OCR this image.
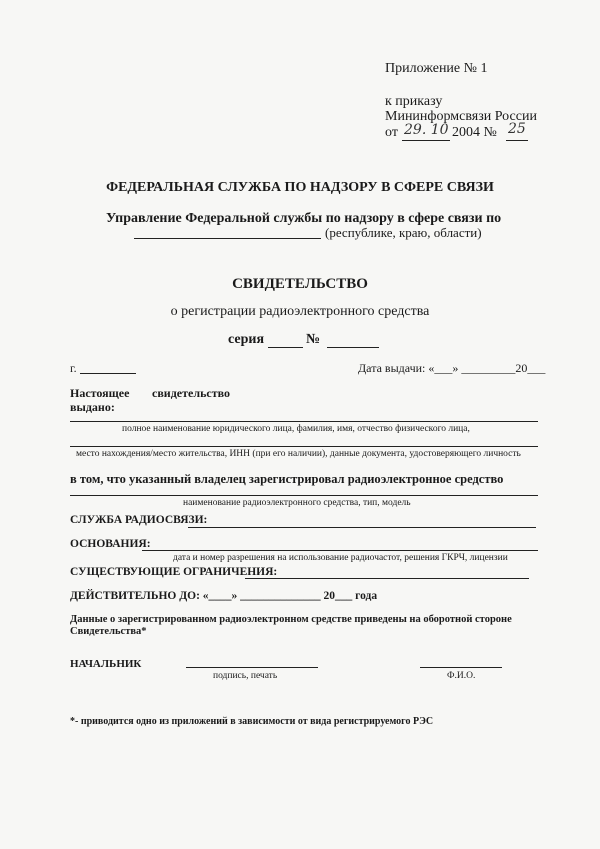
Приложение № 1
к приказу
Мининформсвязи России
от 29. 10 2004 № 25
ФЕДЕРАЛЬНАЯ СЛУЖБА ПО НАДЗОРУ В СФЕРЕ СВЯЗИ
Управление Федеральной службы по надзору в сфере связи по
(республике, краю, области)
СВИДЕТЕЛЬСТВО
о регистрации радиоэлектронного средства
серия	№
г.	Дата выдачи: «___» _________20___
Настоящее свидетельство
выдано:
полное наименование юридического лица, фамилия, имя, отчество физического лица,
место нахождения/место жительства, ИНН (при его наличии), данные документа, удостоверяющего личность
в том, что указанный владелец зарегистрировал радиоэлектронное средство
наименование радиоэлектронного средства, тип, модель
СЛУЖБА РАДИОСВЯЗИ:
ОСНОВАНИЯ:
дата и номер разрешения на использование радиочастот, решения ГКРЧ, лицензии
СУЩЕСТВУЮЩИЕ ОГРАНИЧЕНИЯ:
ДЕЙСТВИТЕЛЬНО ДО: «____» ______________ 20___ года
Данные о зарегистрированном радиоэлектронном средстве приведены на оборотной стороне
Свидетельства*
НАЧАЛЬНИК
подпись, печать	Ф.И.О.
*- приводится одно из приложений в зависимости от вида регистрируемого РЭС
